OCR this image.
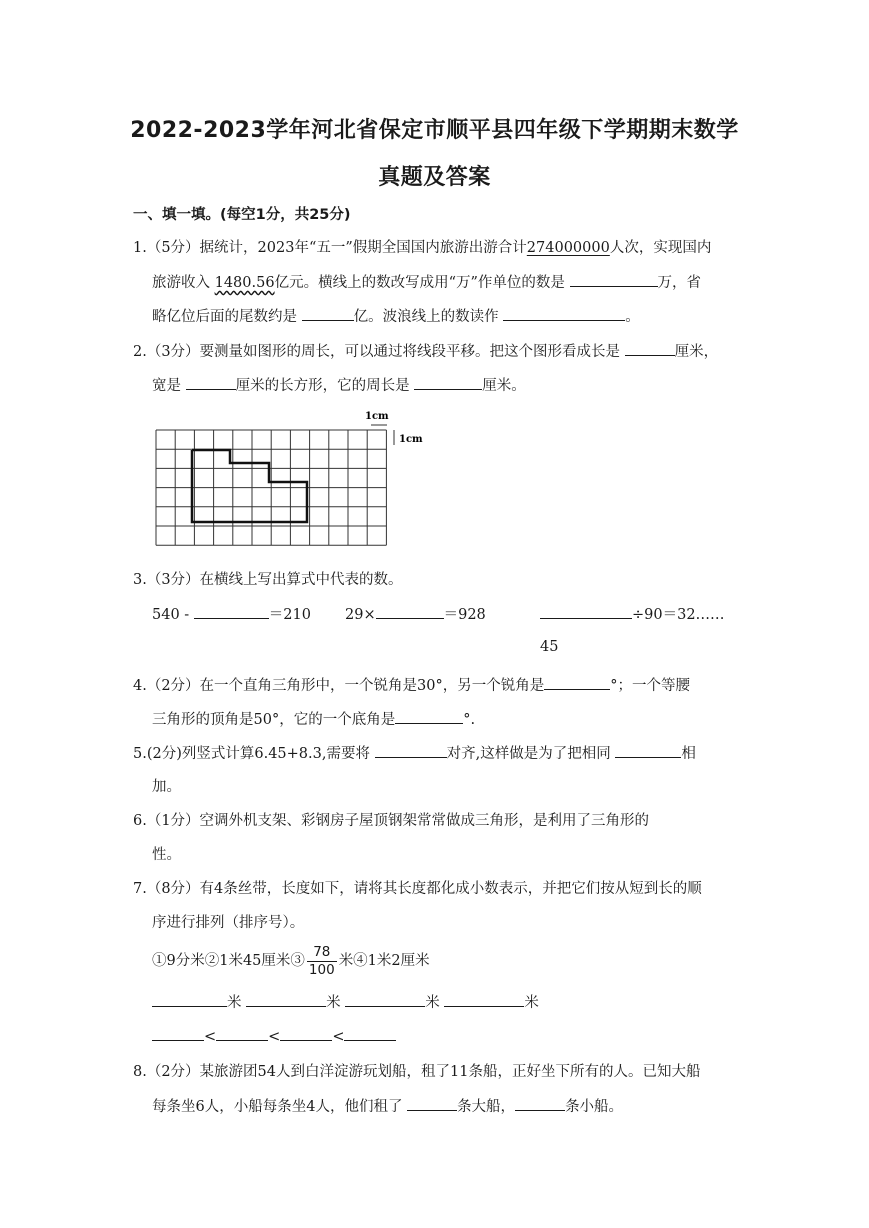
2022-2023学年河北省保定市顺平县四年级下学期期末数学
真题及答案
一、填一填。(每空1分，共25分)
1.（5分）据统计，2023年“五一”假期全国国内旅游出游合计274000000人次，实现国内
旅游收入 1480.56亿元。横线上的数改写成用“万”作单位的数是	万，省
略亿位后面的尾数约是	亿。波浪线上的数读作	。
2.（3分）要测量如图形的周长，可以通过将线段平移。把这个图形看成长是	厘米，
宽是	厘米的长方形，它的周长是	厘米。
1cm
1cm
3.（3分）在横线上写出算式中代表的数。
540 -	＝210 29×	＝928	÷90＝32……
45
4.（2分）在一个直角三角形中，一个锐角是30°，另一个锐角是	°；一个等腰
三角形的顶角是50°，它的一个底角是	°.
5.(2分)列竖式计算6.45+8.3,需要将	对齐,这样做是为了把相同	相
加。
6.（1分）空调外机支架、彩钢房子屋顶钢架常常做成三角形，是利用了三角形的
性。
7.（8分）有4条丝带，长度如下，请将其长度都化成小数表示，并把它们按从短到长的顺
序进行排列（排序号）。
①9分米②1米45厘米③ $\frac{78}{100}$ 米④1米2厘米
米	米	米	米
<	<	<
8.（2分）某旅游团54人到白洋淀游玩划船，租了11条船，正好坐下所有的人。已知大船
每条坐6人，小船每条坐4人，他们租了	条大船，	条小船。
